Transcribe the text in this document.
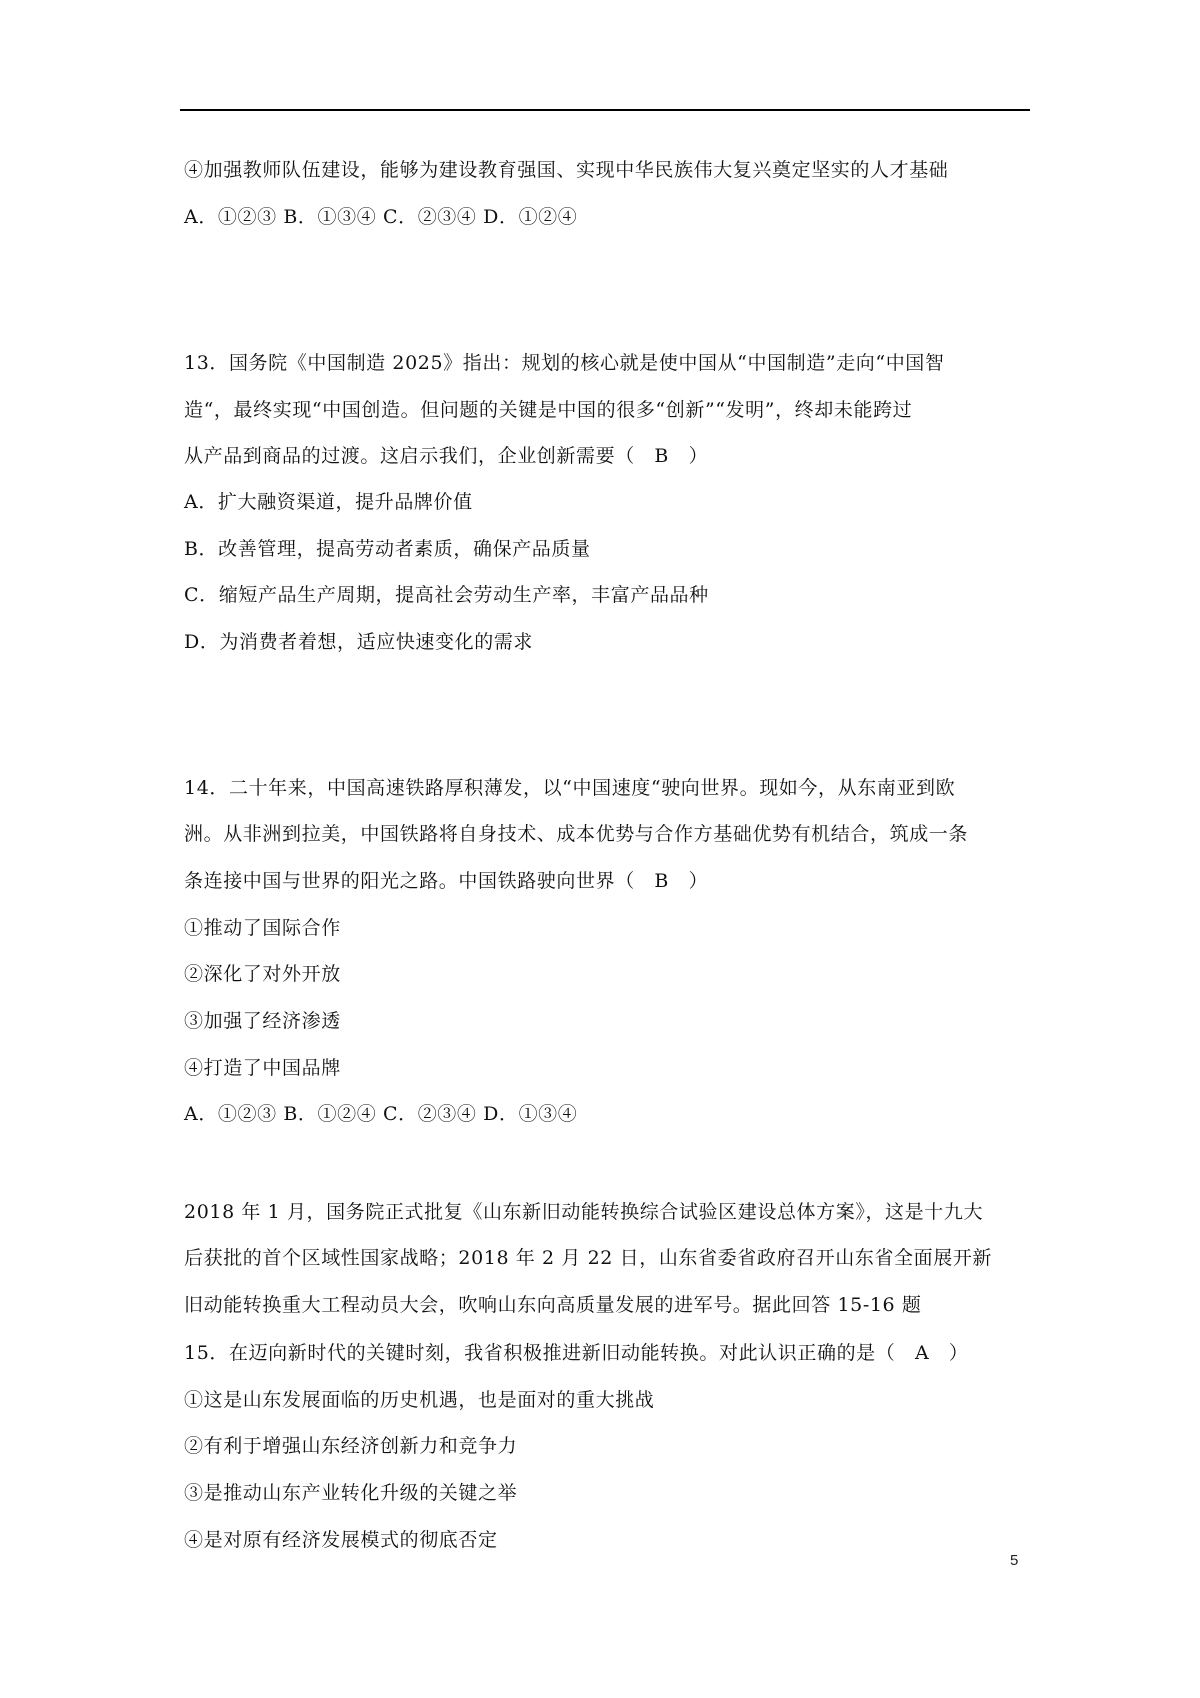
④加强教师队伍建设，能够为建设教育强国、实现中华民族伟大复兴奠定坚实的人才基础
A．①②③ B．①③④ C．②③④ D．①②④
13．国务院《中国制造 2025》指出：规划的核心就是使中国从“中国制造”走向“中国智
造“，最终实现“中国创造。但问题的关键是中国的很多“创新”“发明”，终却未能跨过
从产品到商品的过渡。这启示我们，企业创新需要（　B　）
A．扩大融资渠道，提升品牌价值
B．改善管理，提高劳动者素质，确保产品质量
C．缩短产品生产周期，提高社会劳动生产率，丰富产品品种
D．为消费者着想，适应快速变化的需求
14．二十年来，中国高速铁路厚积薄发，以“中国速度“驶向世界。现如今，从东南亚到欧
洲。从非洲到拉美，中国铁路将自身技术、成本优势与合作方基础优势有机结合，筑成一条
条连接中国与世界的阳光之路。中国铁路驶向世界（　B　）
①推动了国际合作
②深化了对外开放
③加强了经济渗透
④打造了中国品牌
A．①②③ B．①②④ C．②③④ D．①③④
2018 年 1 月，国务院正式批复《山东新旧动能转换综合试验区建设总体方案》，这是十九大
后获批的首个区域性国家战略；2018 年 2 月 22 日，山东省委省政府召开山东省全面展开新
旧动能转换重大工程动员大会，吹响山东向高质量发展的进军号。据此回答 15-16 题
15．在迈向新时代的关键时刻，我省积极推进新旧动能转换。对此认识正确的是（　A　）
①这是山东发展面临的历史机遇，也是面对的重大挑战
②有利于增强山东经济创新力和竞争力
③是推动山东产业转化升级的关键之举
④是对原有经济发展模式的彻底否定
5
